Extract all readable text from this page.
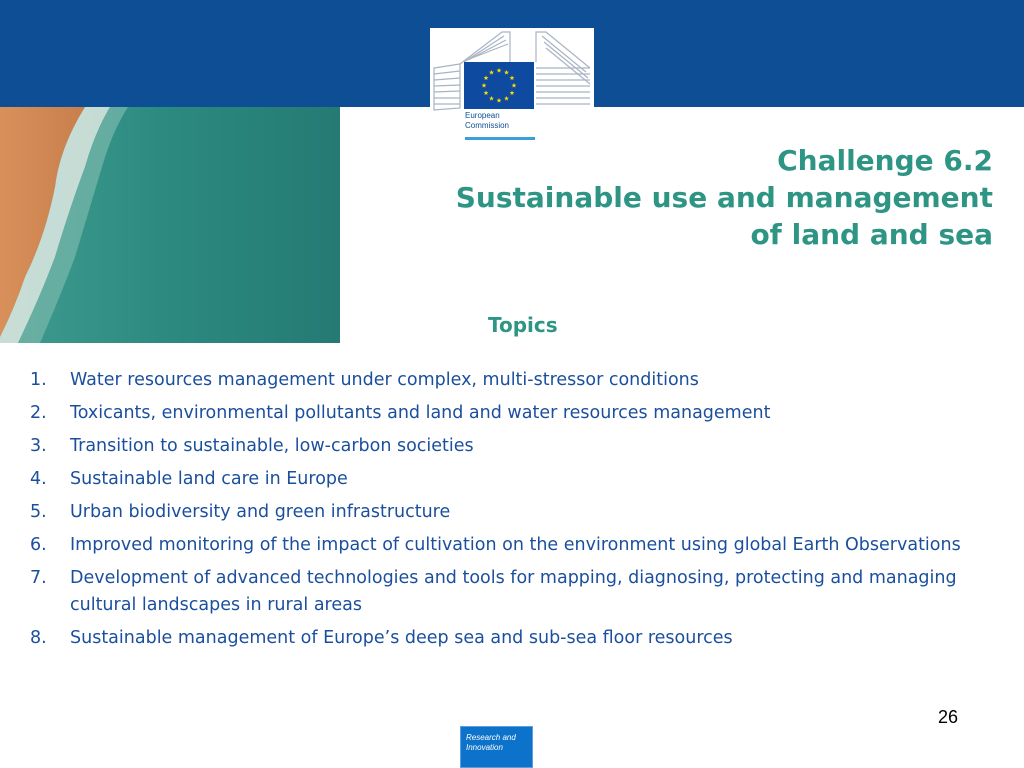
European
Commission
Challenge 6.2
Sustainable use and management
of land and sea
Topics
1. Water resources management under complex, multi-stressor conditions
2. Toxicants, environmental pollutants and land and water resources management
3. Transition to sustainable, low-carbon societies
4. Sustainable land care in Europe
5. Urban biodiversity and green infrastructure
6. Improved monitoring of the impact of cultivation on the environment using global Earth Observations
7. Development of advanced technologies and tools for mapping, diagnosing, protecting and managing cultural landscapes in rural areas
8. Sustainable management of Europe’s deep sea and sub-sea floor resources
26
Research and
Innovation
